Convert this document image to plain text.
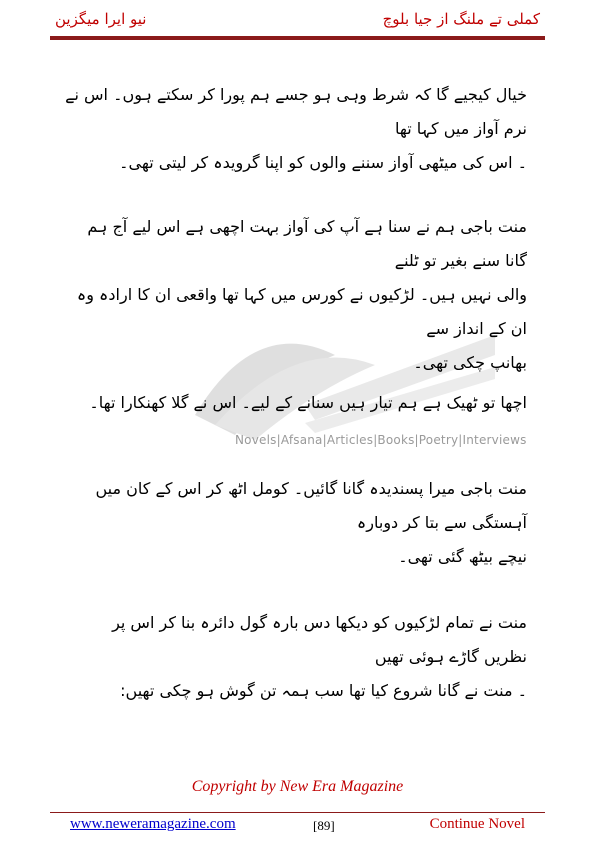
نیو ایرا میگزین	کملی تے ملنگ از جیا بلوچ
Novels|Afsana|Articles|Books|Poetry|Interviews
خیال کیجیے گا کہ شرط وہی ہو جسے ہم پورا کر سکتے ہوں۔ اس نے نرم آواز میں کہا تھا
۔ اس کی میٹھی آواز سننے والوں کو اپنا گرویدہ کر لیتی تھی۔
منت باجی ہم نے سنا ہے آپ کی آواز بہت اچھی ہے اس لیے آج ہم گانا سنے بغیر تو ٹلنے
والی نہیں ہیں۔ لڑکیوں نے کورس میں کہا تھا واقعی ان کا ارادہ وہ ان کے انداز سے
بھانپ چکی تھی۔
اچھا تو ٹھیک ہے ہم تیار ہیں سنانے کے لیے۔ اس نے گلا کھنکارا تھا۔
منت باجی میرا پسندیدہ گانا گائیں۔ کومل اٹھ کر اس کے کان میں آہستگی سے بتا کر دوبارہ
نیچے بیٹھ گئی تھی۔
منت نے تمام لڑکیوں کو دیکھا دس بارہ گول دائرہ بنا کر اس پر نظریں گاڑے ہوئی تھیں
۔ منت نے گانا شروع کیا تھا سب ہمہ تن گوش ہو چکی تھیں:
Copyright by New Era Magazine
www.neweramagazine.com	[89]	Continue Novel
